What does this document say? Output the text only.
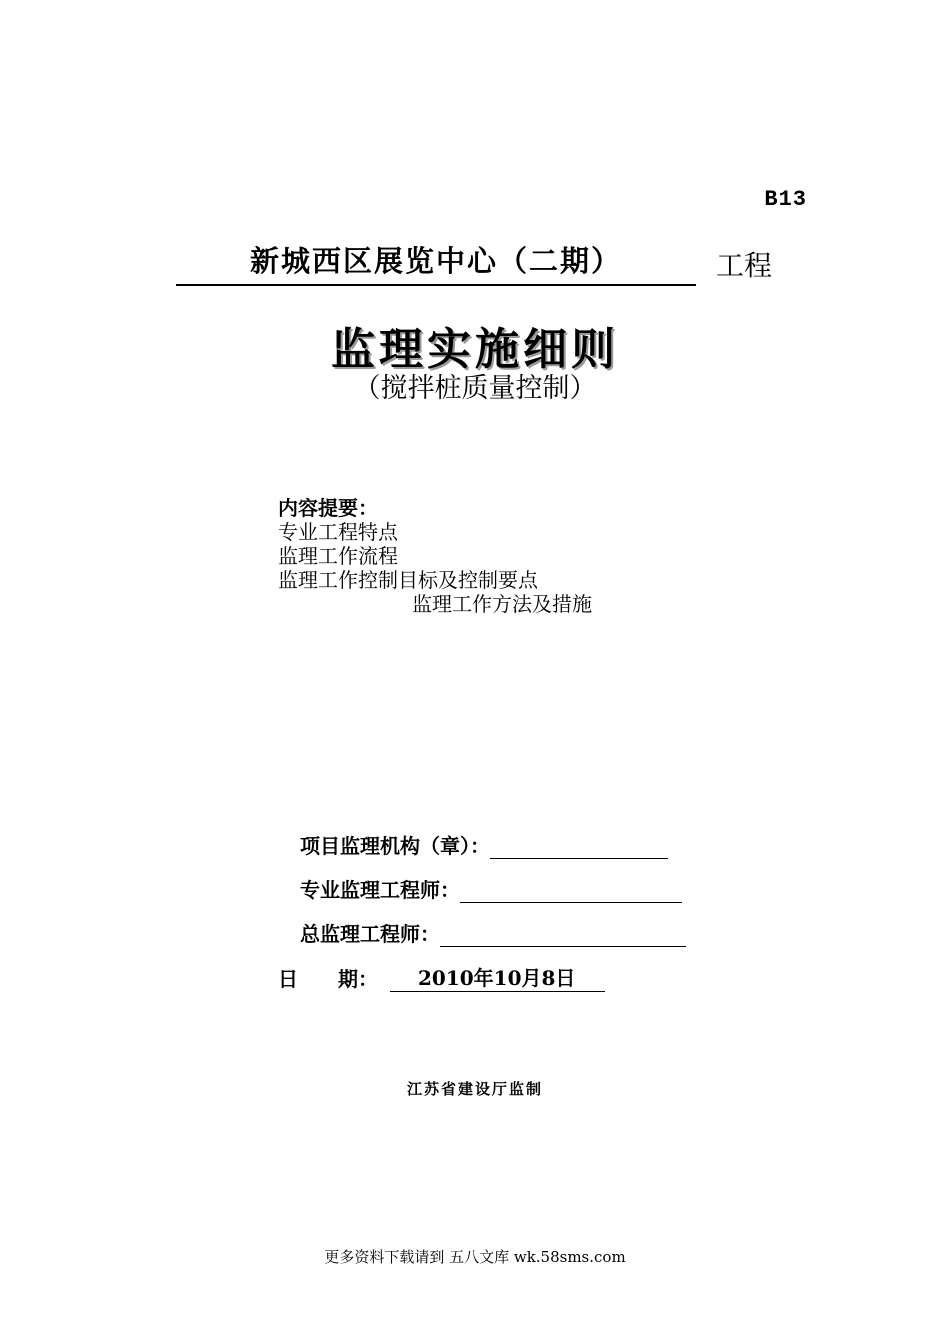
B13
新城西区展览中心（二期）	工程
监理实施细则
（搅拌桩质量控制）
内容提要：
专业工程特点
监理工作流程
监理工作控制目标及控制要点
监理工作方法及措施
项目监理机构（章）：
专业监理工程师：
总监理工程师：
日　　期：	2010年10月8日
江苏省建设厅监制
更多资料下载请到 五八文库 wk.58sms.com
